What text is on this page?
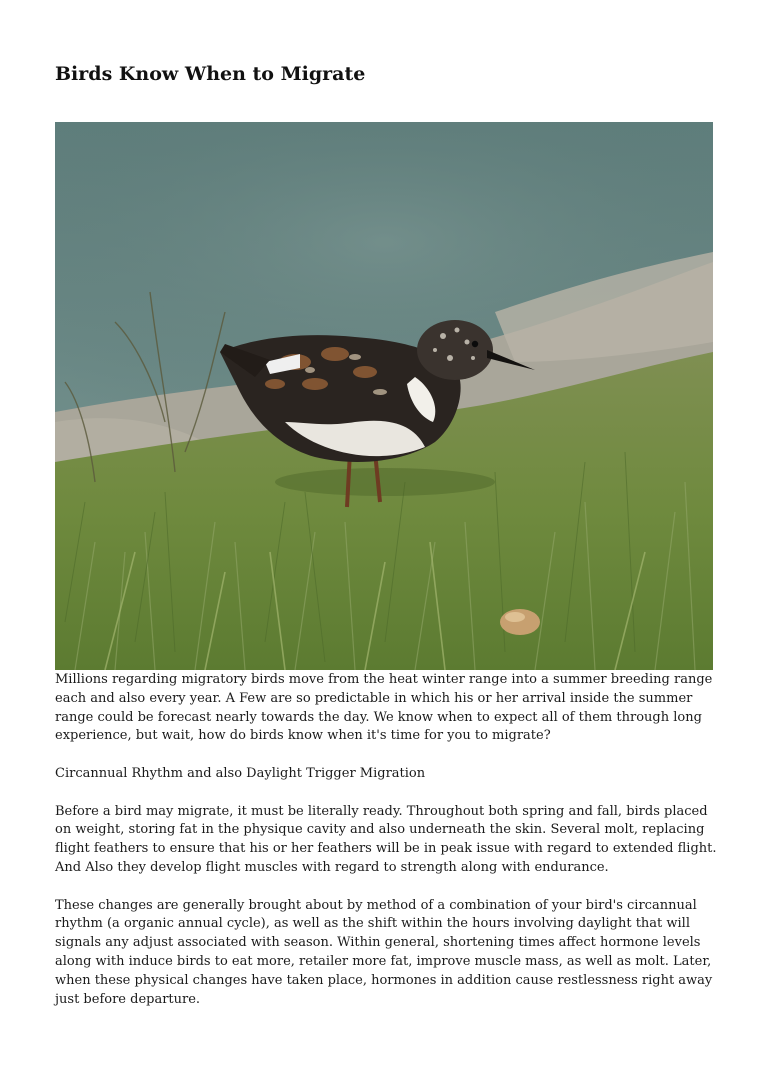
Birds Know When to Migrate

Millions regarding migratory birds move from the heat winter range into a summer breeding range
each and also every year. A Few are so predictable in which his or her arrival inside the summer
range could be forecast nearly towards the day. We know when to expect all of them through long
experience, but wait, how do birds know when it's time for you to migrate?

Circannual Rhythm and also Daylight Trigger Migration

Before a bird may migrate, it must be literally ready. Throughout both spring and fall, birds placed
on weight, storing fat in the physique cavity and also underneath the skin. Several molt, replacing
flight feathers to ensure that his or her feathers will be in peak issue with regard to extended flight.
And Also they develop flight muscles with regard to strength along with endurance.

These changes are generally brought about by method of a combination of your bird's circannual
rhythm (a organic annual cycle), as well as the shift within the hours involving daylight that will
signals any adjust associated with season. Within general, shortening times affect hormone levels
along with induce birds to eat more, retailer more fat, improve muscle mass, as well as molt. Later,
when these physical changes have taken place, hormones in addition cause restlessness right away
just before departure.
